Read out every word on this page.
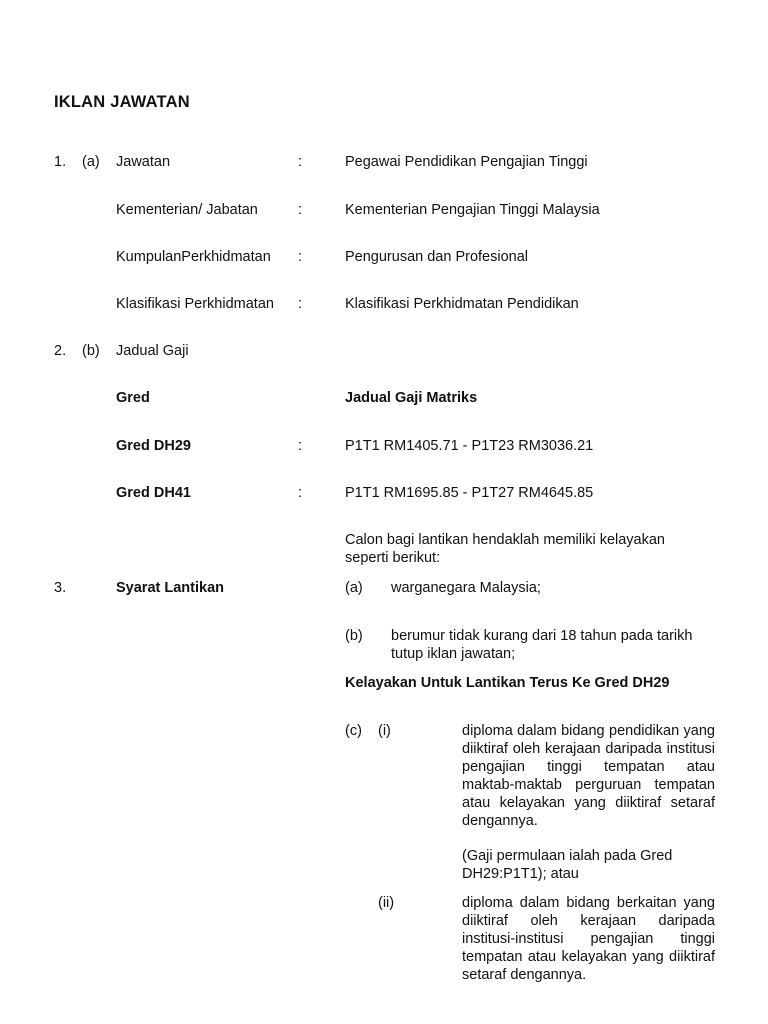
IKLAN JAWATAN
1. (a) Jawatan	:	Pegawai Pendidikan Pengajian Tinggi
Kementerian/ Jabatan	:	Kementerian Pengajian Tinggi Malaysia
KumpulanPerkhidmatan :	Pengurusan dan Profesional
Klasifikasi Perkhidmatan :	Klasifikasi Perkhidmatan Pendidikan
2. (b) Jadual Gaji
Gred	Jadual Gaji Matriks
Gred DH29	:	P1T1 RM1405.71 - P1T23 RM3036.21
Gred DH41	:	P1T1 RM1695.85 - P1T27 RM4645.85
Calon bagi lantikan hendaklah memiliki kelayakan seperti berikut:
3.	Syarat Lantikan	(a) warganegara Malaysia;
(b) berumur tidak kurang dari 18 tahun pada tarikh tutup iklan jawatan;
Kelayakan Untuk Lantikan Terus Ke Gred DH29
(c) (i)	diploma dalam bidang pendidikan yang diiktiraf oleh kerajaan daripada institusi pengajian tinggi tempatan atau maktab-maktab perguruan tempatan atau kelayakan yang diiktiraf setaraf dengannya.
(Gaji permulaan ialah pada Gred DH29:P1T1); atau
(ii)	diploma dalam bidang berkaitan yang diiktiraf oleh kerajaan daripada institusi-institusi pengajian tinggi tempatan atau kelayakan yang diiktiraf setaraf dengannya.
